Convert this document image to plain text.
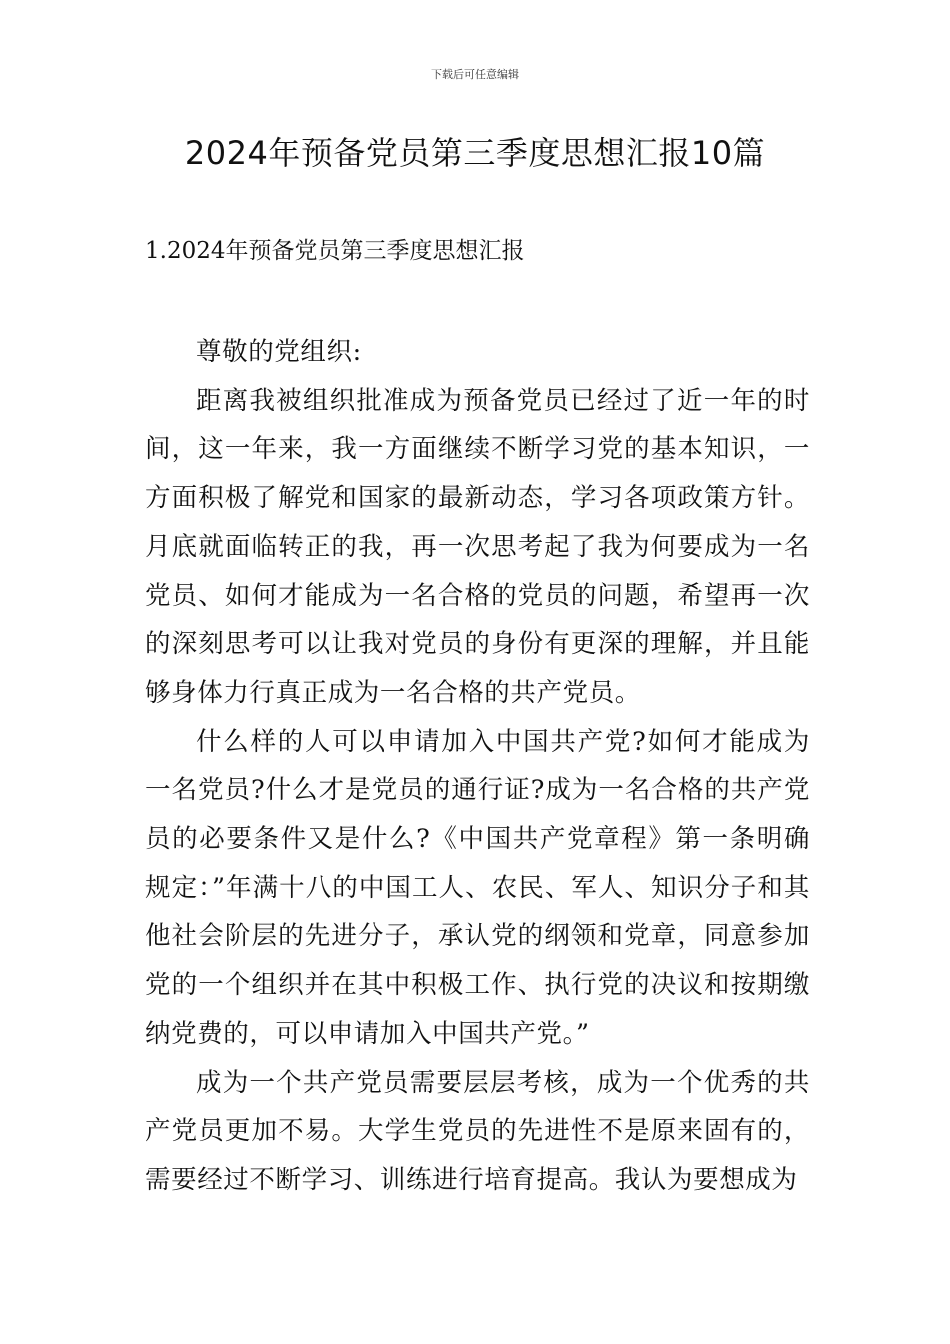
下载后可任意编辑
2024年预备党员第三季度思想汇报10篇
1.2024年预备党员第三季度思想汇报

尊敬的党组织:

距离我被组织批准成为预备党员已经过了近一年的时间，这一年来，我一方面继续不断学习党的基本知识，一方面积极了解党和国家的最新动态，学习各项政策方针。月底就面临转正的我，再一次思考起了我为何要成为一名党员、如何才能成为一名合格的党员的问题，希望再一次的深刻思考可以让我对党员的身份有更深的理解，并且能够身体力行真正成为一名合格的共产党员。

什么样的人可以申请加入中国共产党?如何才能成为一名党员?什么才是党员的通行证?成为一名合格的共产党员的必要条件又是什么?《中国共产党章程》第一条明确规定：”年满十八的中国工人、农民、军人、知识分子和其他社会阶层的先进分子，承认党的纲领和党章，同意参加党的一个组织并在其中积极工作、执行党的决议和按期缴纳党费的，可以申请加入中国共产党。”

成为一个共产党员需要层层考核，成为一个优秀的共产党员更加不易。大学生党员的先进性不是原来固有的，需要经过不断学习、训练进行培育提高。我认为要想成为
